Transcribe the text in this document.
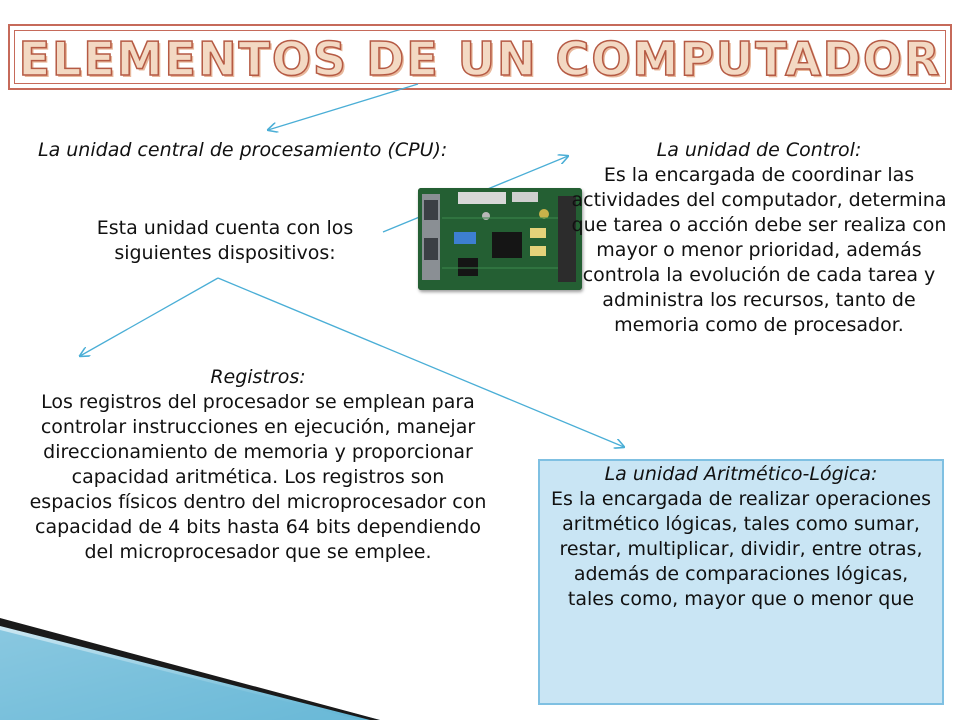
ELEMENTOS DE UN COMPUTADOR
La unidad central de procesamiento (CPU):
Esta unidad cuenta con los siguientes dispositivos:
La unidad de Control:
Es la encargada de coordinar las actividades del computador, determina que tarea o acción debe ser realiza con mayor o menor prioridad, además controla la evolución de cada tarea y administra los recursos, tanto de memoria como de procesador.
Registros:
Los registros del procesador se emplean para controlar instrucciones en ejecución, manejar direccionamiento de memoria y proporcionar capacidad aritmética. Los registros son espacios físicos dentro del microprocesador con capacidad de 4 bits hasta 64 bits dependiendo del microprocesador que se emplee.
La unidad Aritmético-Lógica:
Es la encargada de realizar operaciones aritmético lógicas, tales como sumar, restar, multiplicar, dividir, entre otras, además de comparaciones lógicas, tales como, mayor que o menor que
